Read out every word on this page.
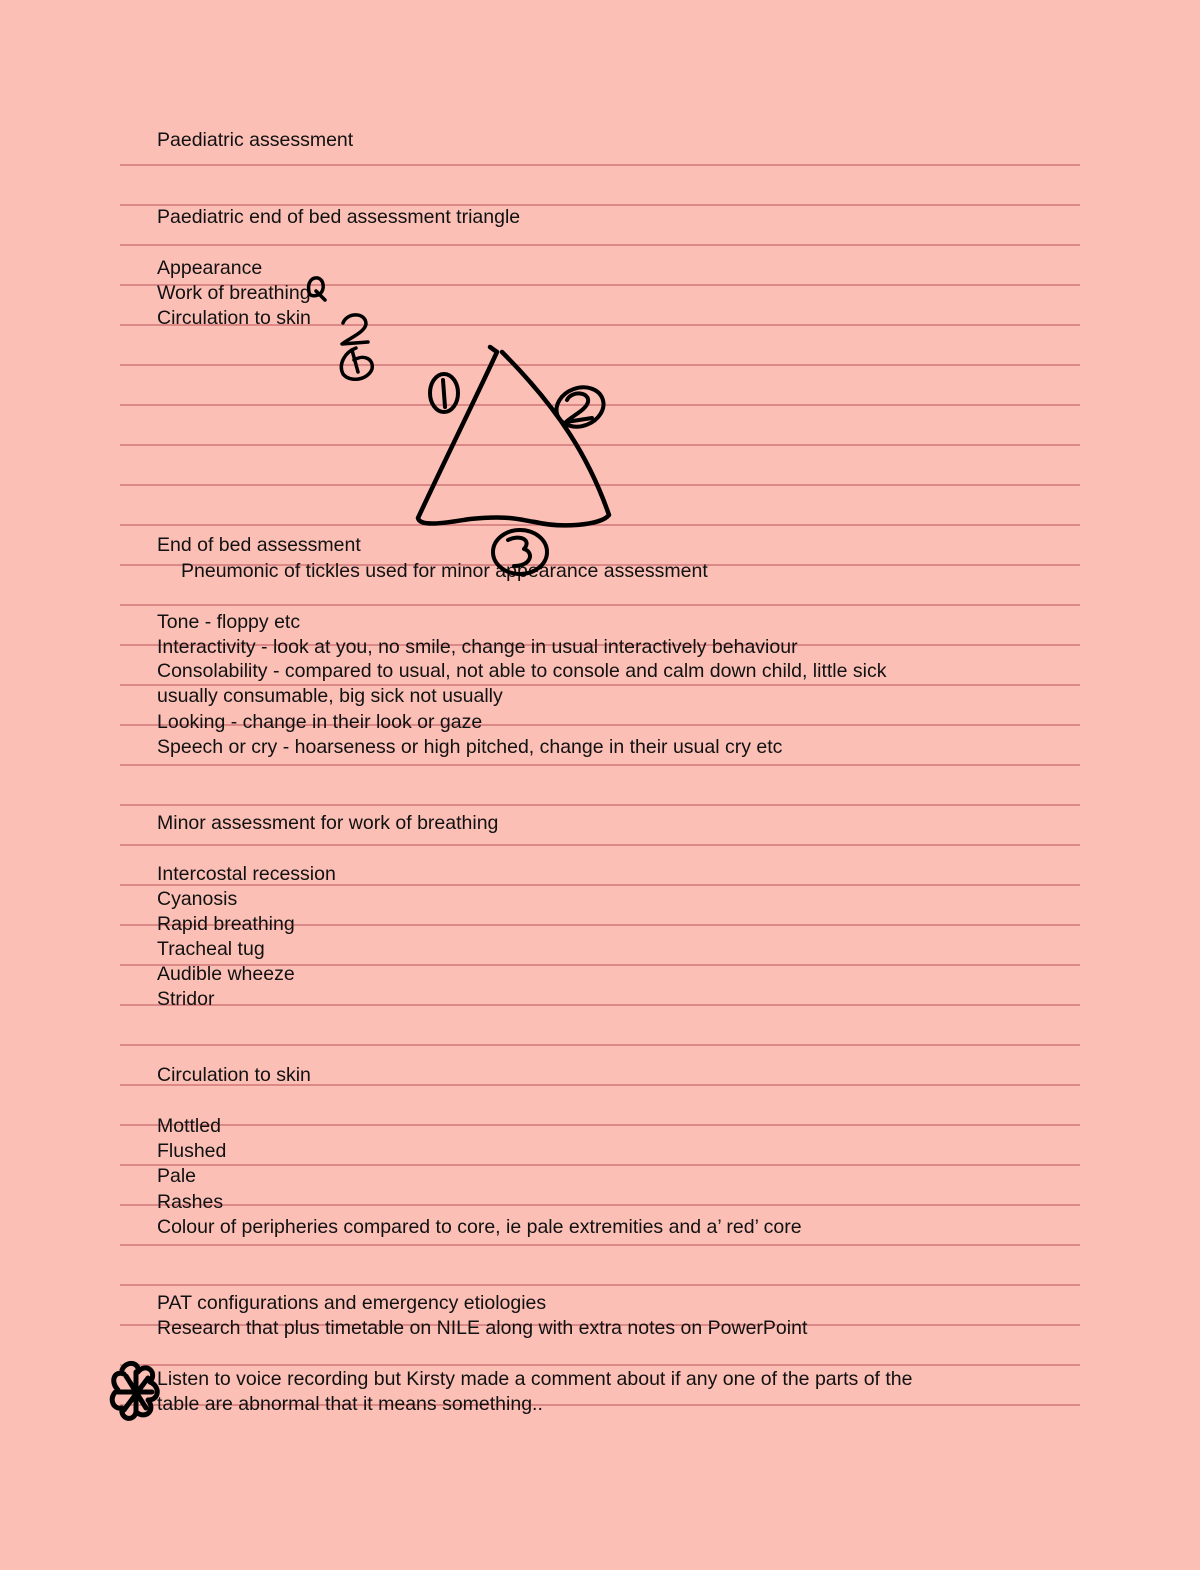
Paediatric assessment

Paediatric end of bed assessment triangle

Appearance

Work of breathing

Circulation to skin

End of bed assessment

Pneumonic of tickles used for minor appearance assessment

Tone - floppy etc

Interactivity - look at you, no smile, change in usual interactively behaviour

Consolability - compared to usual, not able to console and calm down child, little sick

usually consumable, big sick not usually

Looking - change in their look or gaze

Speech or cry - hoarseness or high pitched, change in their usual cry etc

Minor assessment for work of breathing

Intercostal recession

Cyanosis

Rapid breathing

Tracheal tug

Audible wheeze

Stridor

Circulation to skin

Mottled

Flushed

Pale

Rashes

Colour of peripheries compared to core, ie pale extremities and a’ red’ core

PAT configurations and emergency etiologies

Research that plus timetable on NILE along with extra notes on PowerPoint

Listen to voice recording but Kirsty made a comment about if any one of the parts of the

table are abnormal that it means something..
